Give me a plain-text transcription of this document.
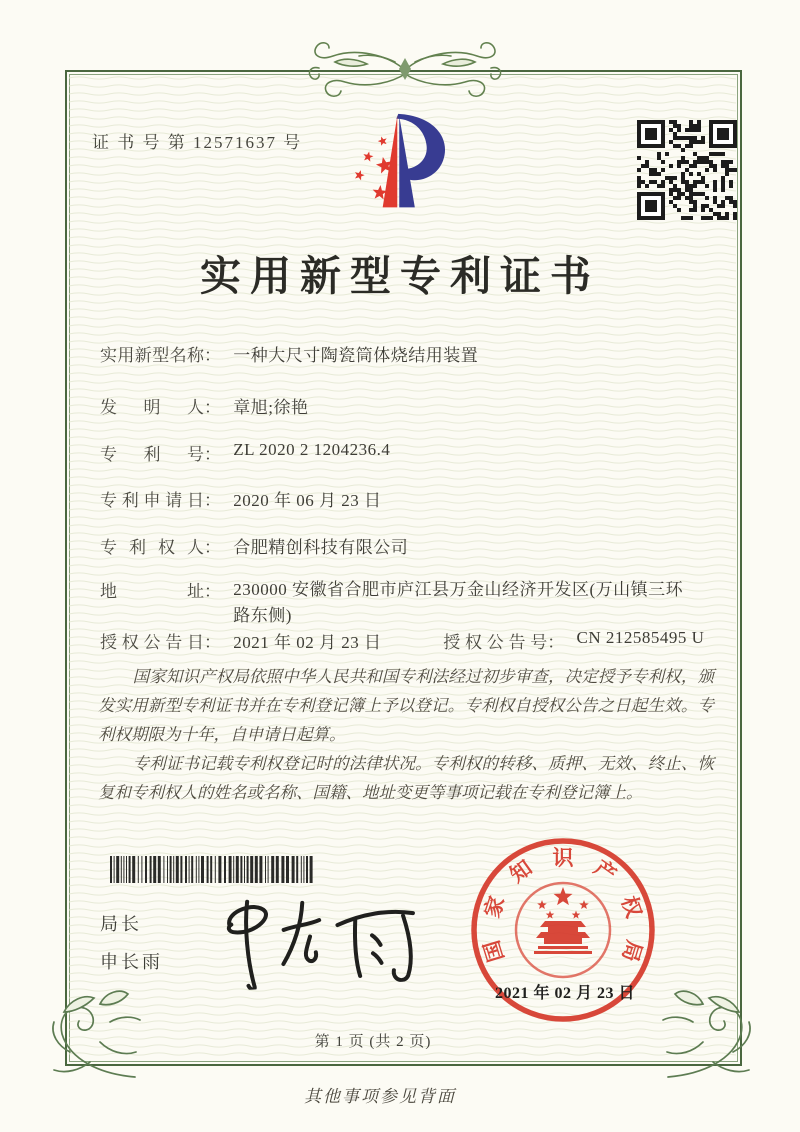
证 书 号 第 12571637 号
实用新型专利证书
实用新型名称： 一种大尺寸陶瓷筒体烧结用装置
发明人： 章旭;徐艳
专利号： ZL 2020 2 1204236.4
专利申请日： 2020 年 06 月 23 日
专利权人： 合肥精创科技有限公司
地址： 230000 安徽省合肥市庐江县万金山经济开发区(万山镇三环路东侧)
授权公告日： 2021 年 02 月 23 日	授权公告号： CN 212585495 U

国家知识产权局依照中华人民共和国专利法经过初步审查，决定授予专利权，颁发实用新型专利证书并在专利登记簿上予以登记。专利权自授权公告之日起生效。专利权期限为十年，自申请日起算。

专利证书记载专利权登记时的法律状况。专利权的转移、质押、无效、终止、恢复和专利权人的姓名或名称、国籍、地址变更等事项记载在专利登记簿上。

局长
申长雨	国
家
知 识 产
权
局
2021 年 02 月 23 日
第 1 页 (共 2 页)
其他事项参见背面
